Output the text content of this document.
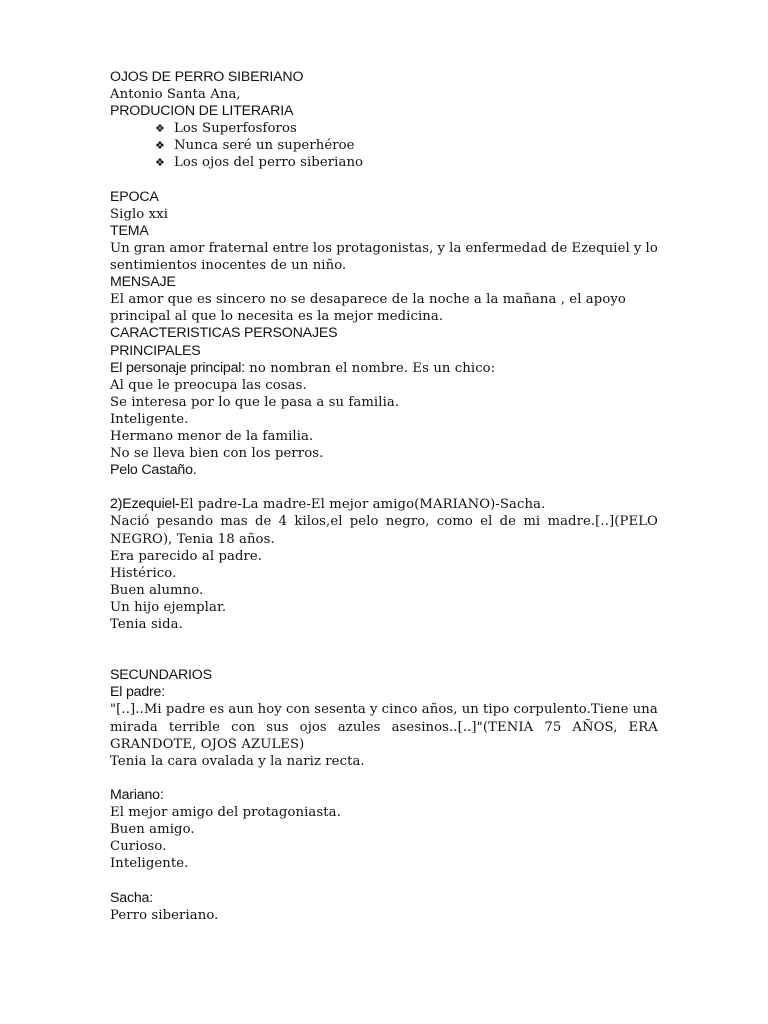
OJOS DE PERRO SIBERIANO
Antonio Santa Ana,
PRODUCION DE LITERARIA
❖ Los Superfosforos
❖ Nunca seré un superhéroe
❖ Los ojos del perro siberiano
EPOCA
Siglo xxi
TEMA
Un gran amor fraternal entre los protagonistas, y la enfermedad de Ezequiel y lo
sentimientos inocentes de un niño.
MENSAJE
El amor que es sincero no se desaparece de la noche a la mañana , el apoyo
principal al que lo necesita es la mejor medicina.
CARACTERISTICAS PERSONAJES
PRINCIPALES
El personaje principal: no nombran el nombre. Es un chico:
Al que le preocupa las cosas.
Se interesa por lo que le pasa a su familia.
Inteligente.
Hermano menor de la familia.
No se lleva bien con los perros.
Pelo Castaño.
2)Ezequiel-El padre-La madre-El mejor amigo(MARIANO)-Sacha.
Nació pesando mas de 4 kilos,el pelo negro, como el de mi madre.[..](PELO
NEGRO), Tenia 18 años.
Era parecido al padre.
Histérico.
Buen alumno.
Un hijo ejemplar.
Tenia sida.
SECUNDARIOS
El padre:
"[..]..Mi padre es aun hoy con sesenta y cinco años, un tipo corpulento.Tiene una
mirada terrible con sus ojos azules asesinos..[..]"(TENIA 75 AÑOS, ERA
GRANDOTE, OJOS AZULES)
Tenia la cara ovalada y la nariz recta.
Mariano:
El mejor amigo del protagoniasta.
Buen amigo.
Curioso.
Inteligente.
Sacha:
Perro siberiano.
